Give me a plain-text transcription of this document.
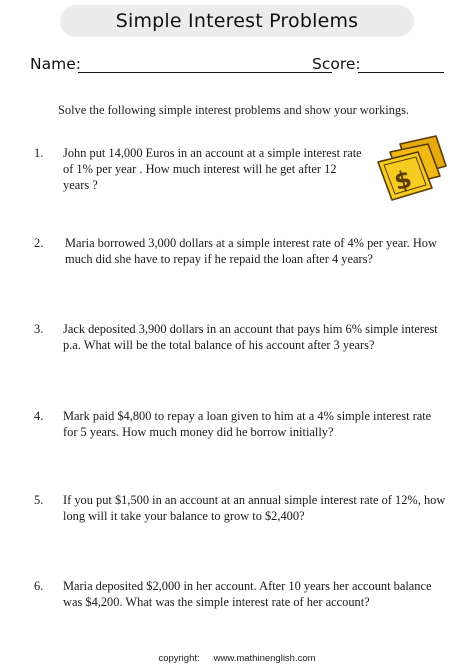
Simple Interest Problems
Name:	Score:
Solve the following simple interest problems and show your workings.
1.	John put 14,000 Euros in an account at a simple interest rate of 1% per year . How much interest will he get after 12 years ?	$
2.	Maria borrowed 3,000 dollars at a simple interest rate of 4% per year. How much did she have to repay if he repaid the loan after 4 years?
3.	Jack deposited 3,900 dollars in an account that pays him 6% simple interest p.a. What will be the total balance of his account after 3 years?
4.	Mark paid $4,800 to repay a loan given to him at a 4% simple interest rate for 5 years. How much money did he borrow initially?
5.	If you put $1,500 in an account at an annual simple interest rate of 12%, how long will it take your balance to grow to $2,400?
6.	Maria deposited $2,000 in her account. After 10 years her account balance was $4,200. What was the simple interest rate of her account?
copyright: www.mathinenglish.com
